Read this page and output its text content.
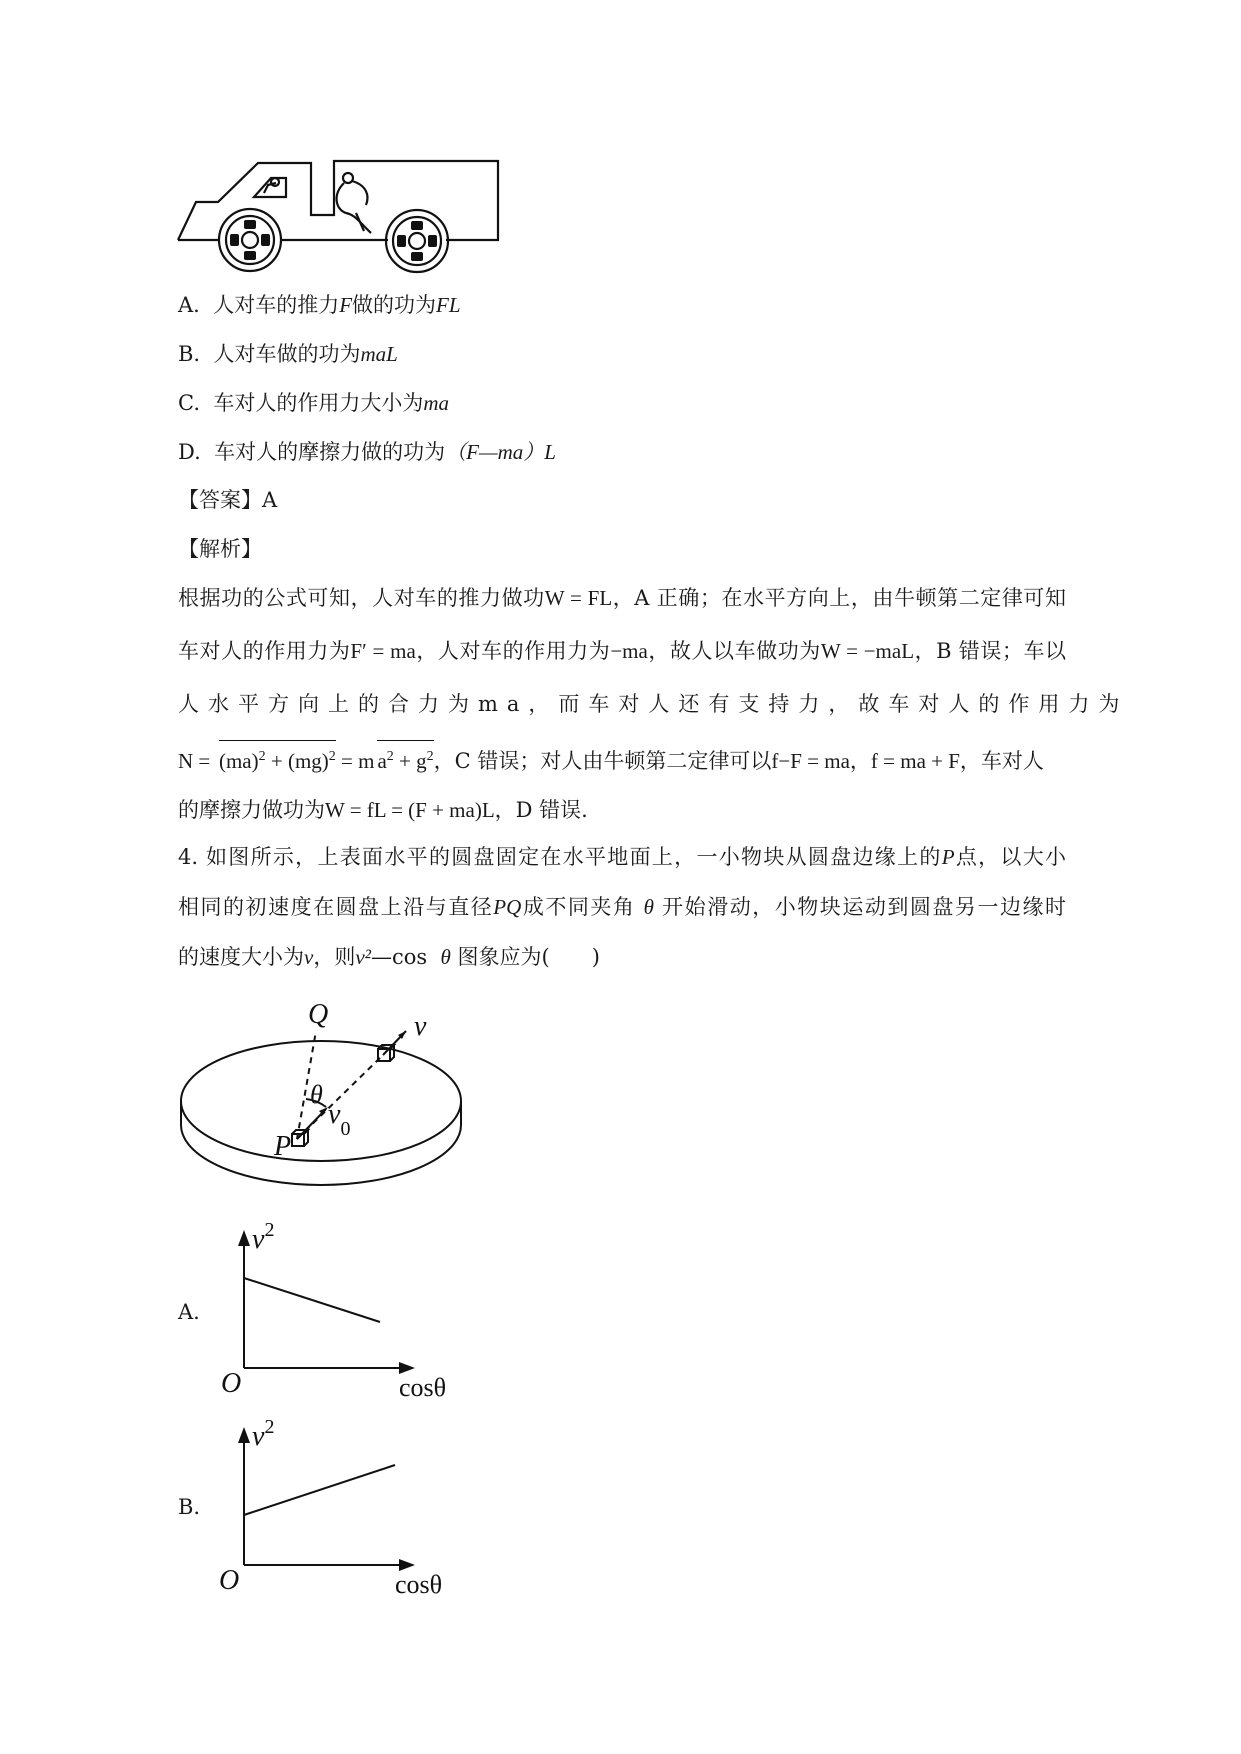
A. 人对车的推力F做的功为FL
B. 人对车做的功为maL
C. 车对人的作用力大小为ma
D. 车对人的摩擦力做的功为（F—ma）L
【答案】A
【解析】
根据功的公式可知，人对车的推力做功W = FL，A 正确；在水平方向上，由牛顿第二定律可知
车对人的作用力为F′ = ma，人对车的作用力为−ma，故人以车做功为W = −maL，B 错误；车以
人水平方向上的合力为ma，而车对人还有支持力，故车对人的作用力为
N = (ma)$^2$ + (mg)$^2$ = m $a^2 + g^2$，C 错误；对人由牛顿第二定律可以f−F = ma，f = ma + F，车对人
的摩擦力做功为W = fL = (F + ma)L，D 错误.
4. 如图所示，上表面水平的圆盘固定在水平地面上，一小物块从圆盘边缘上的P点，以大小
相同的初速度在圆盘上沿与直径PQ成不同夹角 θ 开始滑动，小物块运动到圆盘另一边缘时
的速度大小为v，则v²—cos θ 图象应为(　　)
Q	v
θ
$v_0$
P
A.
$v^2$
O	cosθ
B.
$v^2$
O	cosθ
